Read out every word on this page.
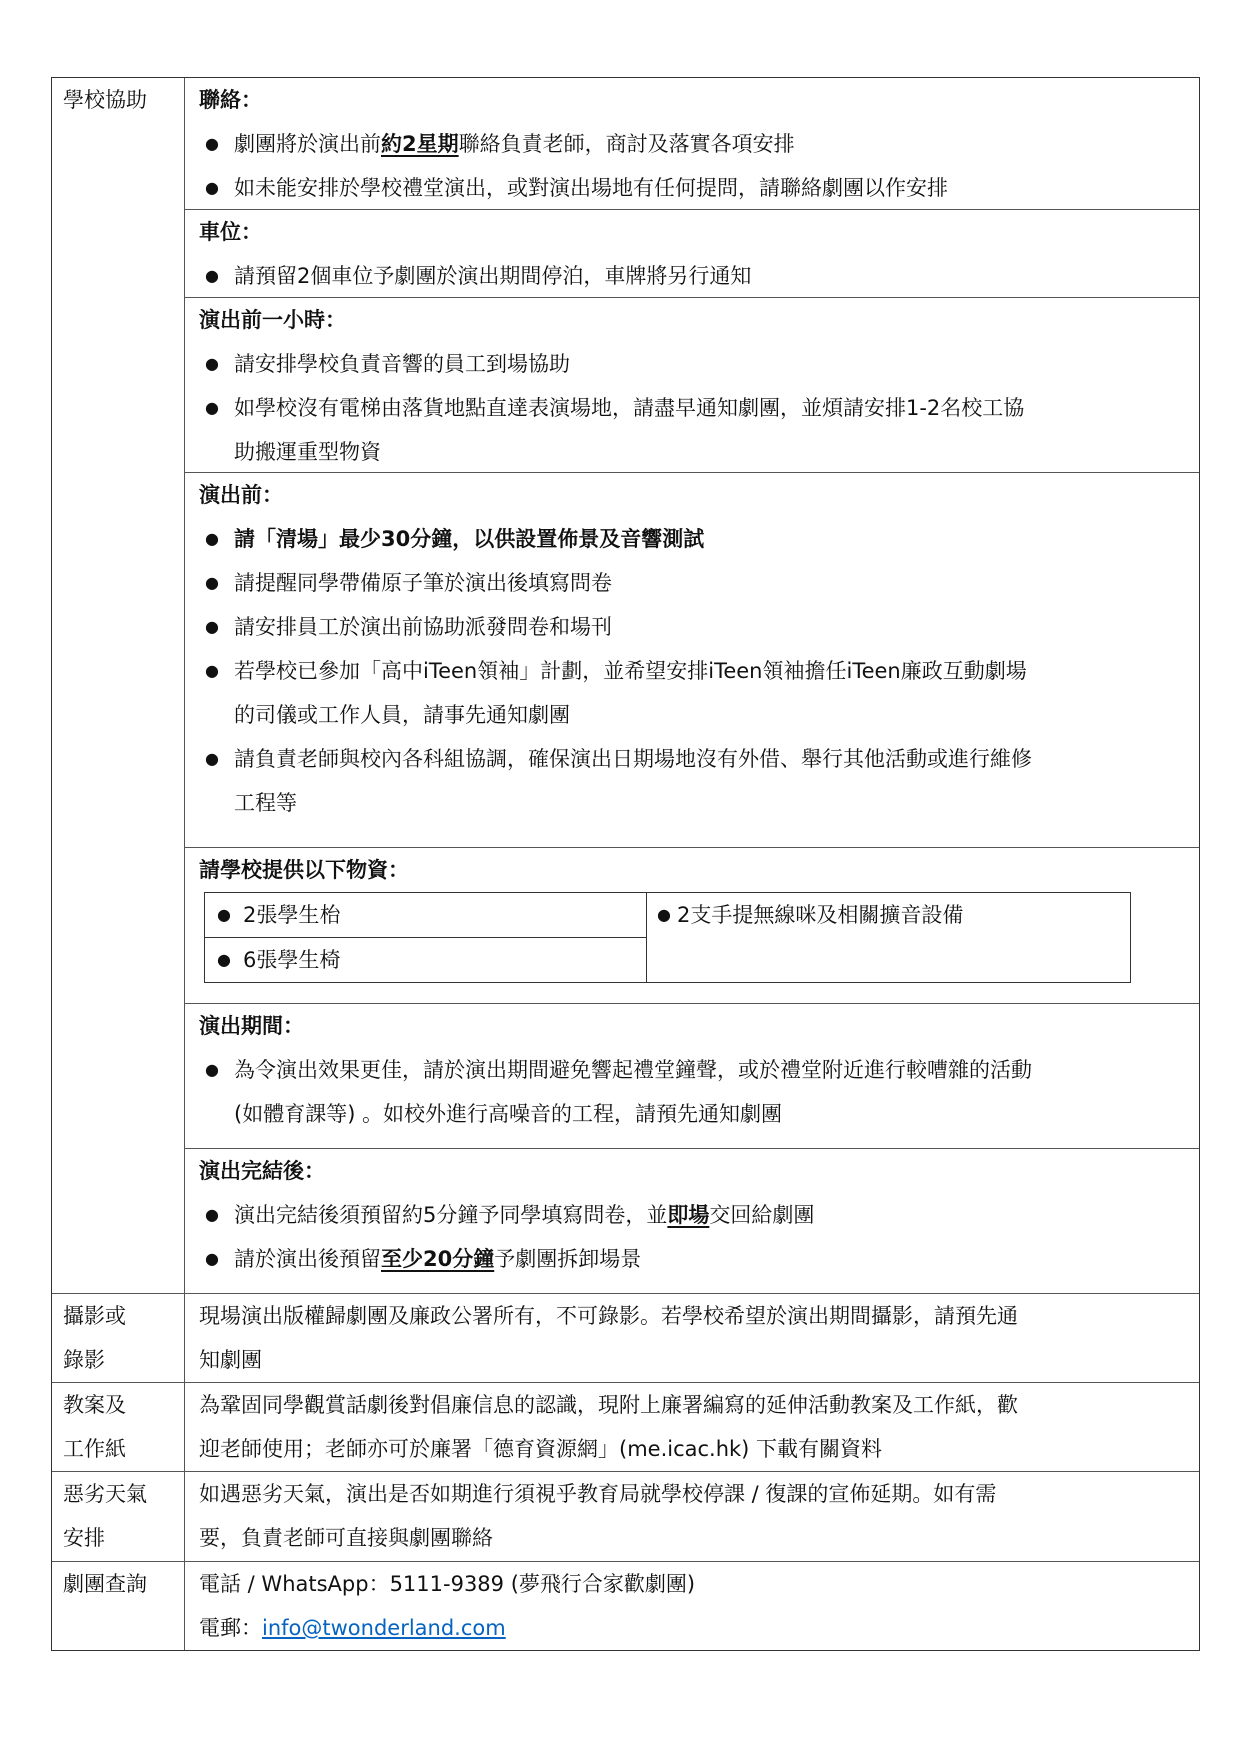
學校協助	聯絡：
● 劇團將於演出前約2星期聯絡負責老師，商討及落實各項安排
● 如未能安排於學校禮堂演出，或對演出場地有任何提問，請聯絡劇團以作安排
車位：
● 請預留2個車位予劇團於演出期間停泊，車牌將另行通知
演出前一小時：
● 請安排學校負責音響的員工到場協助
● 如學校沒有電梯由落貨地點直達表演場地，請盡早通知劇團，並煩請安排1-2名校工協
助搬運重型物資
演出前：
● 請「清場」最少30分鐘，以供設置佈景及音響測試
● 請提醒同學帶備原子筆於演出後填寫問卷
● 請安排員工於演出前協助派發問卷和場刊
● 若學校已參加「高中iTeen領袖」計劃，並希望安排iTeen領袖擔任iTeen廉政互動劇場
的司儀或工作人員，請事先通知劇團
● 請負責老師與校內各科組協調，確保演出日期場地沒有外借、舉行其他活動或進行維修
工程等
請學校提供以下物資：
● 2張學生枱
● 6張學生椅
● 2支手提無線咪及相關擴音設備
演出期間：
● 為令演出效果更佳，請於演出期間避免響起禮堂鐘聲，或於禮堂附近進行較嘈雜的活動
(如體育課等) 。如校外進行高噪音的工程，請預先通知劇團
演出完結後：
● 演出完結後須預留約5分鐘予同學填寫問卷，並即場交回給劇團
● 請於演出後預留至少20分鐘予劇團拆卸場景
攝影或
錄影
現場演出版權歸劇團及廉政公署所有，不可錄影。若學校希望於演出期間攝影，請預先通
知劇團
教案及
工作紙
為鞏固同學觀賞話劇後對倡廉信息的認識，現附上廉署編寫的延伸活動教案及工作紙，歡
迎老師使用；老師亦可於廉署「德育資源網」(me.icac.hk) 下載有關資料
惡劣天氣
安排
如遇惡劣天氣，演出是否如期進行須視乎教育局就學校停課 / 復課的宣佈延期。如有需
要，負責老師可直接與劇團聯絡
劇團查詢	電話 / WhatsApp：5111-9389 (夢飛行合家歡劇團)
電郵：info@twonderland.com
